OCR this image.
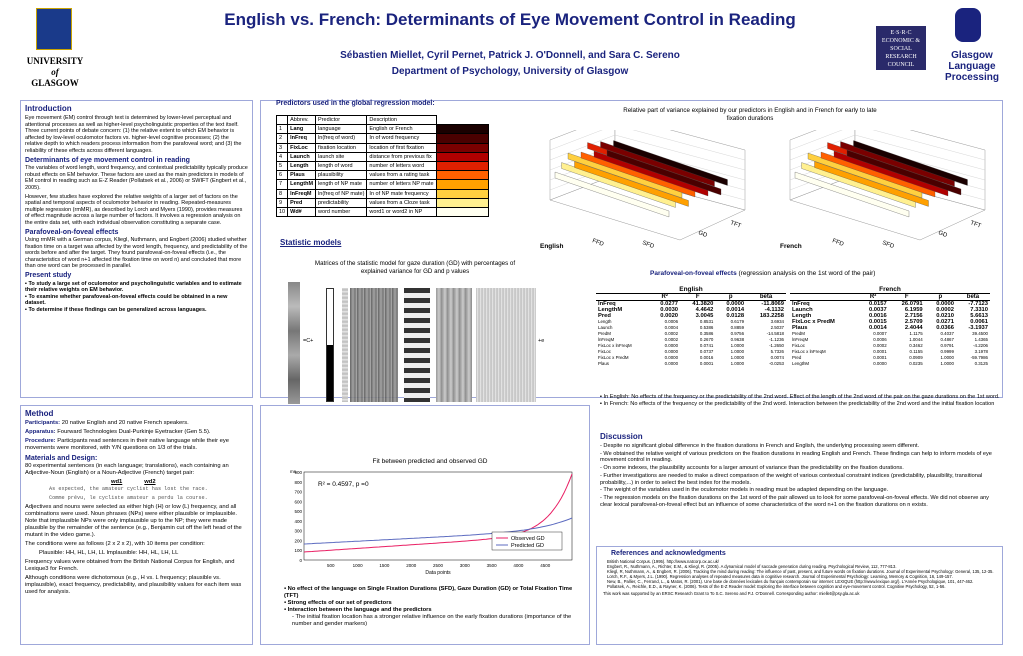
UNIVERSITY
of
GLASGOW
English vs. French: Determinants of Eye Movement Control in Reading
Sébastien Miellet, Cyril Pernet, Patrick J. O'Donnell, and Sara C. Sereno
Department of Psychology, University of Glasgow
E·S·R·C ECONOMIC & SOCIAL RESEARCH COUNCIL
Glasgow Language Processing
Introduction

Eye movement (EM) control through text is determined by lower-level perceptual and attentional processes as well as higher-level psycholinguistic properties of the text itself. Three current points of debate concern: (1) the relative extent to which EM behavior is affected by low-level oculomotor factors vs. higher-level cognitive processes; (2) the relative depth to which readers process information from the parafoveal word; and (3) the reliability of these effects across different languages.

Determinants of eye movement control in reading

The variables of word length, word frequency, and contextual predictability typically produce robust effects on EM behavior. These factors are used as the main predictors in models of EM control in reading such as E-Z Reader (Pollatsek et al., 2006) or SWIFT (Engbert et al., 2005).

However, few studies have explored the relative weights of a larger set of factors on the spatial and temporal aspects of oculomotor behavior in reading. Repeated-measures multiple regression (rmMR), as described by Lorch and Myers (1990), provides measures of effect magnitude across a large number of factors. It involves a regression analysis on the entire data set, with each individual observation constituting a separate case.

Parafoveal-on-foveal effects

Using rmMR with a German corpus, Kliegl, Nuthmann, and Engbert (2006) studied whether fixation time on a target was affected by the word length, frequency, and predictability of the words before and after the target. They found parafoveal-on-foveal effects (i.e., the characteristics of word n+1 affected the fixation time on word n) and concluded that more than one word can be processed in parallel.

Present study
▪ To study a large set of oculomotor and psycholinguistic variables and to estimate their relative weights on EM behavior.
▪ To examine whether parafoveal-on-foveal effects could be obtained in a new dataset.
▪ To determine if these findings can be generalized across languages.
Method

Participants: 20 native English and 20 native French speakers.

Apparatus: Fourward Technologies Dual-Purkinje Eyetracker (Gen 5.5).

Procedure: Participants read sentences in their native language while their eye movements were monitored, with Y/N questions on 1/3 of the trials.

Materials and Design:

80 experimental sentences (in each language; translations), each containing an Adjective-Noun (English) or a Noun-Adjective (French) target pair:

wd1	wd2

As expected, the amateur cyclist has lost the race.

Comme prévu, le cycliste amateur a perdu la course.

Adjectives and nouns were selected as either high (H) or low (L) frequency, and all combinations were used. Noun phrases (NPs) were either plausible or implausible. Note that implausible NPs were only implausible up to the NP; they were made plausible by the remainder of the sentence (e.g., Benjamin cut off the left head of the mutant in the video game.).

The conditions were as follows (2 x 2 x 2), with 10 items per condition:

Plausible: HH, HL, LH, LL Implausible: HH, HL, LH, LL

Frequency values were obtained from the British National Corpus for English, and Lexique3 for French.

Although conditions were dichotomous (e.g., H vs. L frequency; plausible vs. implausible), exact frequency, predictability, and plausibility values for each item was used for analysis.

Predictors used in the global regression model:
	Abbrev.	Predictor	Description	
1	Lang	language	English or French	
2	lnFreq	ln(freq of word)	In of word frequency	
3	FixLoc	fixation location	location of first fixation	
4	Launch	launch site	distance from previous fix	
5	Length	length of word	number of letters word	
6	Plaus	plausibility	values from a rating task	
7	LengthM	length of NP mate	number of letters NP mate	
8	lnFreqM	ln(freq of NP mate)	In of NP mate frequency	
9	Pred	predictability	values from a Cloze task	
10	Wd#	word number	word1 or word2 in NP	
Relative part of variance explained by our predictors in English and in French for early to late fixation durations
FFD	SFD
GD
TFT
English	FFD	SFD
GD
TFT
French
Statistic models
Matrices of the statistic model for gaze duration (GD) with percentages of explained variance for GD and p values
=C+	+e
Fit between predicted and observed GD
900
800
700
600
500
400
300
200
100
0
500	1000	1500	2000	2500	3000	3500	4000	4500
ms
Data points
R² = 0.4597, p =0
Observed GD
Predicted GD
▪ No effect of the language on Single Fixation Durations (SFD), Gaze Duration (GD) or Total Fixation Time (TFT)
▪ Strong effects of our set of predictors
▪ Interaction between the language and the predictors
- The initial fixation location has a stronger relative influence on the early fixation durations (importance of the number and gender markers)
Parafoveal-on-foveal effects (regression analysis on the 1st word of the pair)
English
	R²	F	p	beta
lnFreq	0.0277	41.3820	0.0000	-11.8069
LengthM	0.0030	4.4642	0.0014	-4.1132
Pred	0.0020	3.0045	0.0128	183.2258
Length	0.0006	0.8531	0.6179	3.6934
Launch	0.0004	0.5386	0.8859	2.5037
PredM	0.0002	0.3586	0.9756	-14.5818
lnFreqM	0.0002	0.2670	0.9638	-1.1236
FixLoc x lnFreqM	0.0000	0.0741	1.0000	-1.2650
FixLoc	0.0000	0.0737	1.0000	5.7326
FixLoc x PredM	0.0000	0.0016	1.0000	0.0074
Plaus	0.0000	0.0001	1.0000	-0.0253
French
	R²	F	p	beta
lnFreq	0.0157	26.0791	0.0000	-7.7123
Launch	0.0037	6.1959	0.0002	7.3310
Length	0.0016	2.7156	0.0210	5.6613
FixLoc x PredM	0.0015	2.5709	0.0271	0.0061
Plaus	0.0014	2.4044	0.0366	-3.1937
PredM	0.0007	1.1175	0.4037	39.4500
lnFreqM	0.0006	1.0044	0.4867	1.4365
FixLoc	0.0002	0.3462	0.9791	-4.2206
FixLoc x lnFreqM	0.0001	0.1155	0.9999	3.1978
Pred	0.0001	0.0909	1.0000	-59.7986
LengthM	0.0000	0.0235	1.0000	0.3125
▪ In English: No effects of the frequency or the predictability of the 2nd word. Effect of the length of the 2nd word of the pair on the gaze durations on the 1st word.
▪ In French: No effects of the frequency or the predictability of the 2nd word. Interaction between the predictability of the 2nd word and the initial fixation location
Discussion

- Despite no significant global difference in the fixation durations in French and English, the underlying processing seem different.

- We obtained the relative weight of various predictors on the fixation durations in reading English and French. These findings can help to inform models of eye movement control in reading.

- On some indexes, the plausibility accounts for a larger amount of variance than the predictability on the fixation durations.

- Further investigations are needed to make a direct comparison of the weight of various contextual constraint indices (predictability, plausibility, transitional probability,...) in order to select the best index for the models.

- The weight of the variables used in the oculomotor models in reading must be adapted depending on the language.

- The regression models on the fixation durations on the 1st word of the pair allowed us to look for some parafoveal-on-foveal effects. We did not observe any clear lexical parafoveal-on-foveal effect but an influence of some characteristics of the word n+1 on the fixation durations on n exists.

References and acknowledgments

British National Corpus. (1995). http://www.natcorp.ox.ac.uk/

Engbert, R., Nuthmann, A., Richter, E.M., & Kliegl, R. (2005). A dynamical model of saccade generation during reading. Psychological Review, 112, 777-813.

Kliegl, R, Nuthmann, A., & Engbert, R. (2006). Tracking the mind during reading: The influence of past, present, and future words on fixation durations. Journal of Experimental Psychology: General, 135, 12-35.

Lorch, R.F., & Myers, J.L. (1990). Regression analyses of repeated measures data in cognitive research. Journal of Experimental Psychology: Learning, Memory & Cognition, 16, 149-157.

New, B., Pallier, C., Ferrand, L., & Matos, R. (2001). Une base de données lexicales du français contemporain sur internet: LEXIQUE (http://www.lexique.org/). L'Année Psychologique, 101, 447-462.

Pollatsek, A., Reichle, E.D., & Rayner, K. (2006). Tests of the E-Z Reader model: Exploring the interface between cognition and eye-movement control. Cognitive Psychology, 52, 1-56.

This work was supported by an ERSC Research Grant to To S.C. Sereno and P.J. O'Donnell. Corresponding author: miellet@psy.gla.ac.uk
